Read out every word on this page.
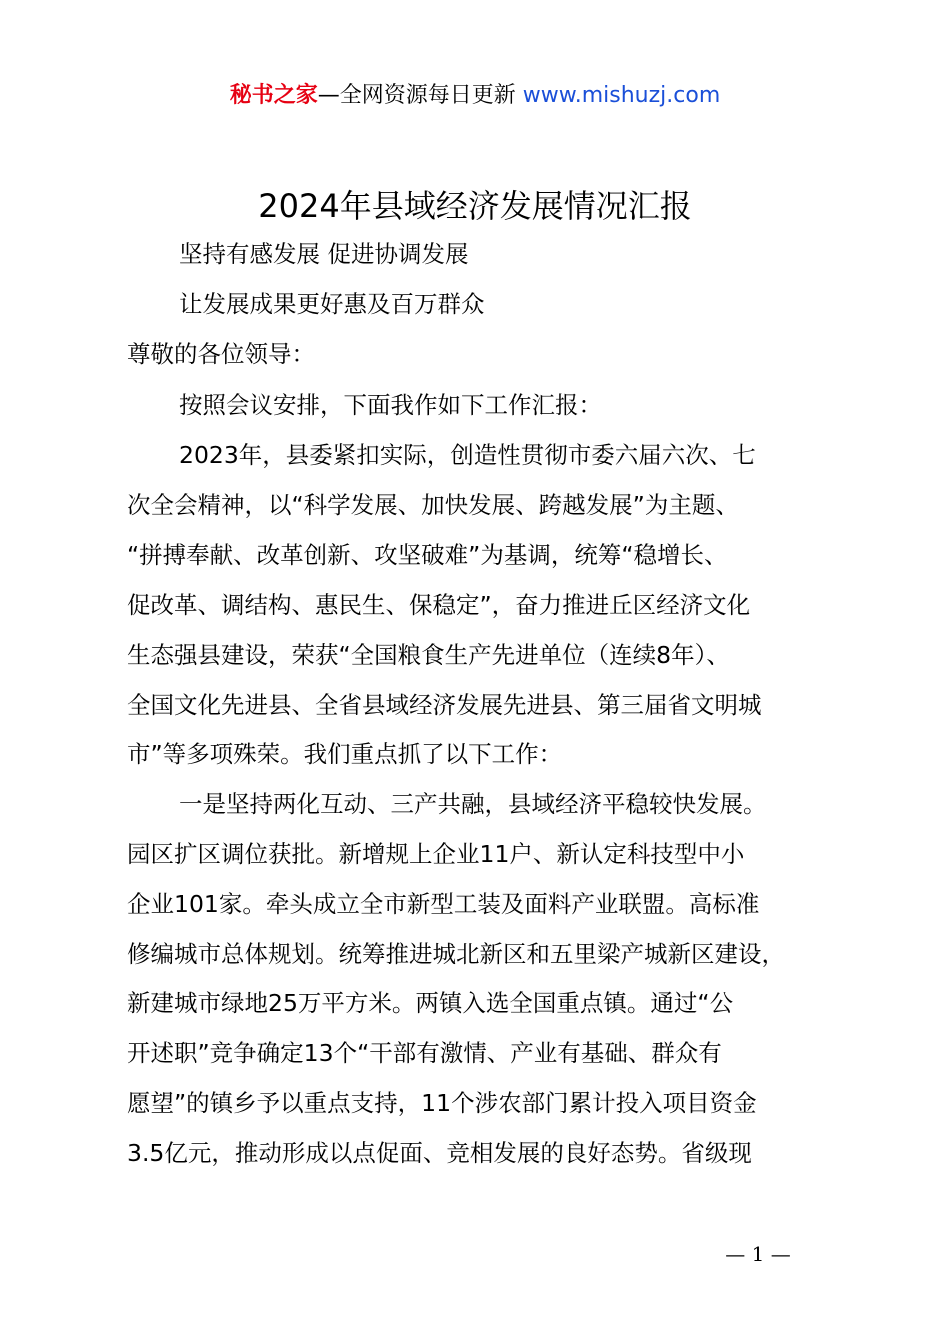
秘书之家—全网资源每日更新 www.mishuzj.com
2024年县域经济发展情况汇报
坚持有感发展 促进协调发展
让发展成果更好惠及百万群众
尊敬的各位领导：
按照会议安排，下面我作如下工作汇报：
2023年，县委紧扣实际，创造性贯彻市委六届六次、七
次全会精神，以“科学发展、加快发展、跨越发展”为主题、
“拼搏奉献、改革创新、攻坚破难”为基调，统筹“稳增长、
促改革、调结构、惠民生、保稳定”，奋力推进丘区经济文化
生态强县建设，荣获“全国粮食生产先进单位（连续8年）、
全国文化先进县、全省县域经济发展先进县、第三届省文明城
市”等多项殊荣。我们重点抓了以下工作：
一是坚持两化互动、三产共融，县域经济平稳较快发展。
园区扩区调位获批。新增规上企业11户、新认定科技型中小
企业101家。牵头成立全市新型工装及面料产业联盟。高标准
修编城市总体规划。统筹推进城北新区和五里梁产城新区建设，
新建城市绿地25万平方米。两镇入选全国重点镇。通过“公
开述职”竞争确定13个“干部有激情、产业有基础、群众有
愿望”的镇乡予以重点支持，11个涉农部门累计投入项目资金
3.5亿元，推动形成以点促面、竞相发展的良好态势。省级现
— 1 —
